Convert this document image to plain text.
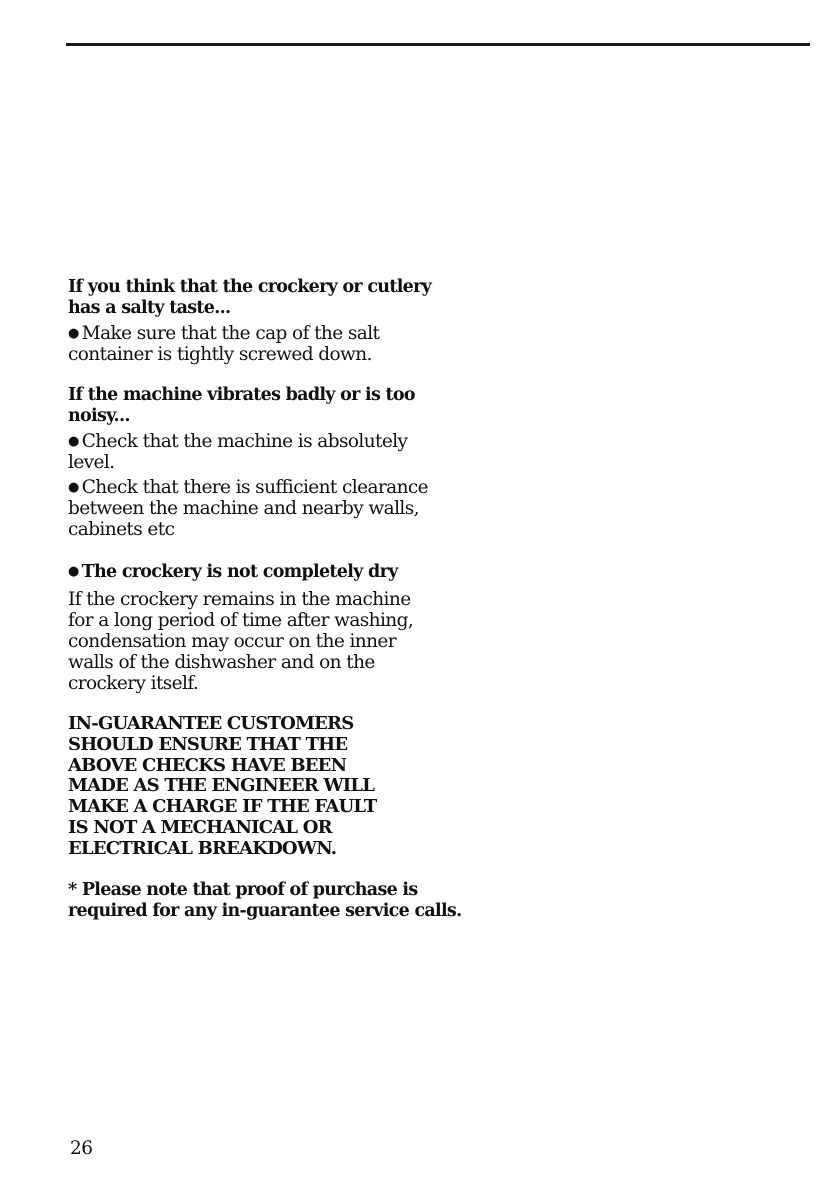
If you think that the crockery or cutlery
has a salty taste...

● Make sure that the cap of the salt
container is tightly screwed down.

If the machine vibrates badly or is too
noisy...

● Check that the machine is absolutely
level.

● Check that there is sufficient clearance
between the machine and nearby walls,
cabinets etc

● The crockery is not completely dry

If the crockery remains in the machine
for a long period of time after washing,
condensation may occur on the inner
walls of the dishwasher and on the
crockery itself.

IN-GUARANTEE CUSTOMERS
SHOULD ENSURE THAT THE
ABOVE CHECKS HAVE BEEN
MADE AS THE ENGINEER WILL
MAKE A CHARGE IF THE FAULT
IS NOT A MECHANICAL OR
ELECTRICAL BREAKDOWN.

* Please note that proof of purchase is
required for any in-guarantee service calls.

26
